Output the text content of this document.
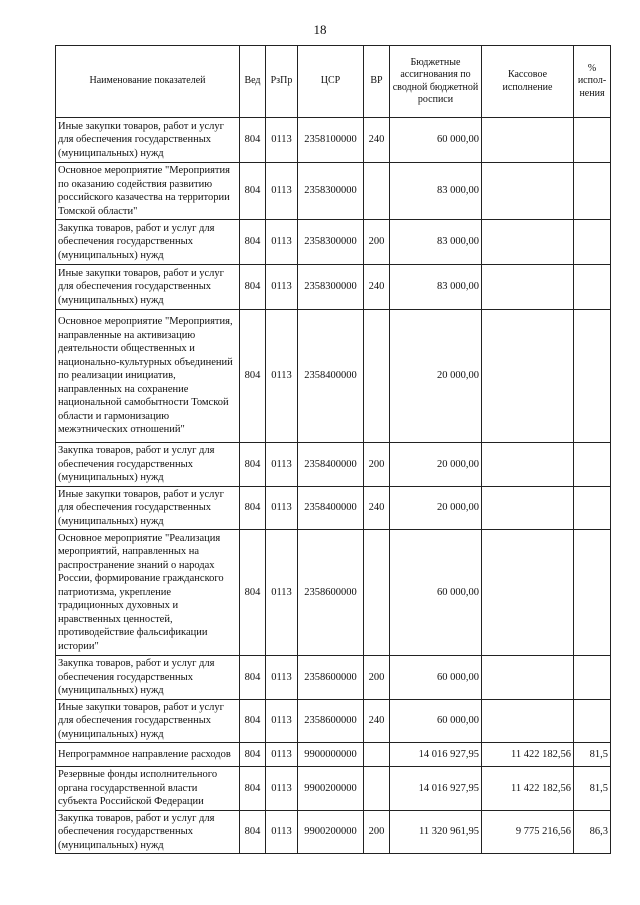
18
Наименование показателей	Вед	РзПр	ЦСР	ВР	Бюджетные ассигнования по сводной бюджетной росписи	Кассовое исполнение	% испол-нения
Иные закупки товаров, работ и услуг для обеспечения государственных (муниципальных) нужд	804	0113	2358100000	240	60 000,00		
Основное мероприятие "Мероприятия по оказанию содействия развитию российского казачества на территории Томской области"	804	0113	2358300000		83 000,00		
Закупка товаров, работ и услуг для обеспечения государственных (муниципальных) нужд	804	0113	2358300000	200	83 000,00		
Иные закупки товаров, работ и услуг для обеспечения государственных (муниципальных) нужд	804	0113	2358300000	240	83 000,00		
Основное мероприятие "Мероприятия, направленные на активизацию деятельности общественных и национально-культурных объединений по реализации инициатив, направленных на сохранение национальной самобытности Томской области и гармонизацию межэтнических отношений"	804	0113	2358400000		20 000,00		
Закупка товаров, работ и услуг для обеспечения государственных (муниципальных) нужд	804	0113	2358400000	200	20 000,00		
Иные закупки товаров, работ и услуг для обеспечения государственных (муниципальных) нужд	804	0113	2358400000	240	20 000,00		
Основное мероприятие "Реализация мероприятий, направленных на распространение знаний о народах России, формирование гражданского патриотизма, укрепление традиционных духовных и нравственных ценностей, противодействие фальсификации истории"	804	0113	2358600000		60 000,00		
Закупка товаров, работ и услуг для обеспечения государственных (муниципальных) нужд	804	0113	2358600000	200	60 000,00		
Иные закупки товаров, работ и услуг для обеспечения государственных (муниципальных) нужд	804	0113	2358600000	240	60 000,00		
Непрограммное направление расходов	804	0113	9900000000		14 016 927,95	11 422 182,56	81,5
Резервные фонды исполнительного органа государственной власти субъекта Российской Федерации	804	0113	9900200000		14 016 927,95	11 422 182,56	81,5
Закупка товаров, работ и услуг для обеспечения государственных (муниципальных) нужд	804	0113	9900200000	200	11 320 961,95	9 775 216,56	86,3
